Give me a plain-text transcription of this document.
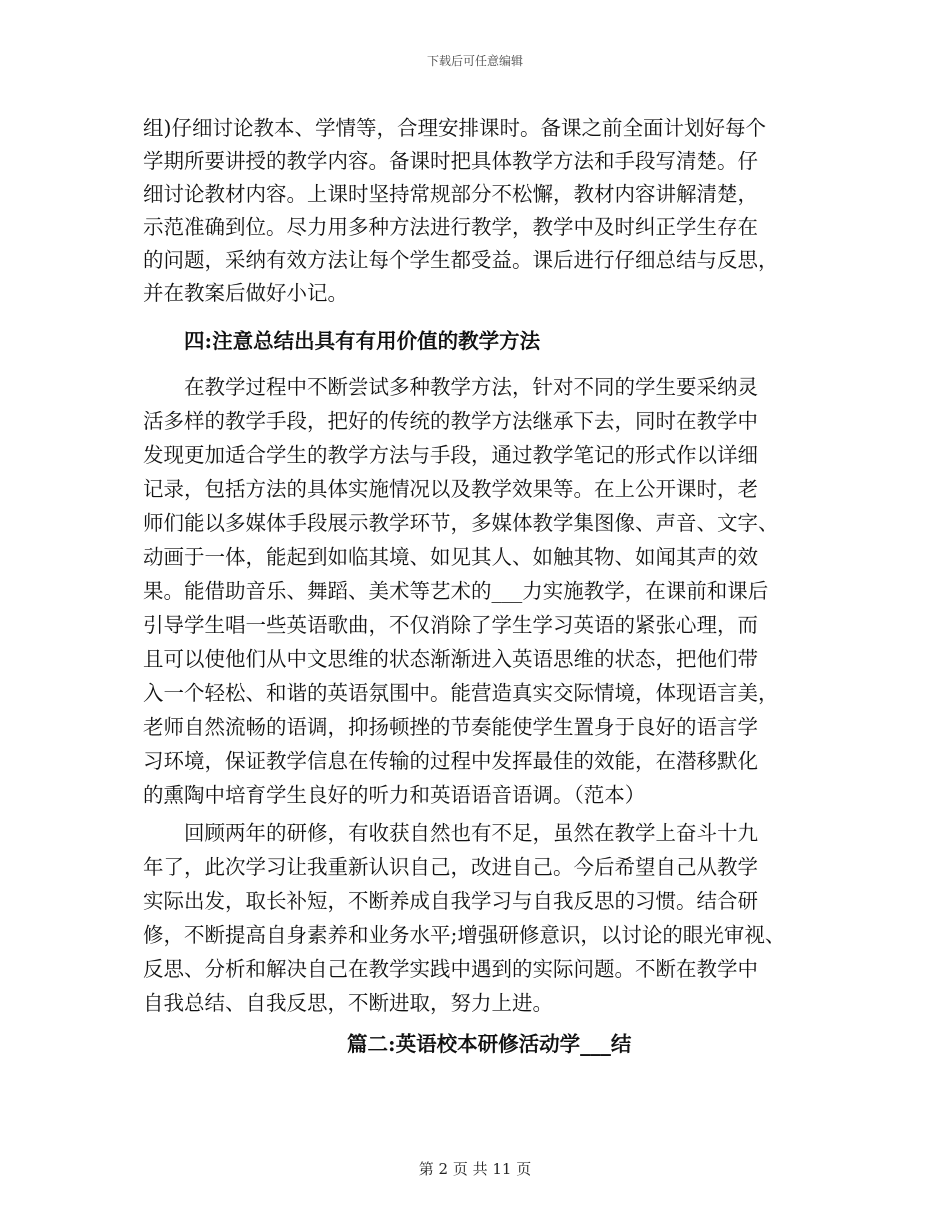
下载后可任意编辑
组)仔细讨论教本、学情等，合理安排课时。备课之前全面计划好每个
学期所要讲授的教学内容。备课时把具体教学方法和手段写清楚。仔
细讨论教材内容。上课时坚持常规部分不松懈，教材内容讲解清楚，
示范准确到位。尽力用多种方法进行教学，教学中及时纠正学生存在
的问题，采纳有效方法让每个学生都受益。课后进行仔细总结与反思，
并在教案后做好小记。
四:注意总结出具有有用价值的教学方法
在教学过程中不断尝试多种教学方法，针对不同的学生要采纳灵
活多样的教学手段，把好的传统的教学方法继承下去，同时在教学中
发现更加适合学生的教学方法与手段，通过教学笔记的形式作以详细
记录，包括方法的具体实施情况以及教学效果等。在上公开课时，老
师们能以多媒体手段展示教学环节，多媒体教学集图像、声音、文字、
动画于一体，能起到如临其境、如见其人、如触其物、如闻其声的效
果。能借助音乐、舞蹈、美术等艺术的___力实施教学，在课前和课后
引导学生唱一些英语歌曲，不仅消除了学生学习英语的紧张心理，而
且可以使他们从中文思维的状态渐渐进入英语思维的状态，把他们带
入一个轻松、和谐的英语氛围中。能营造真实交际情境，体现语言美，
老师自然流畅的语调，抑扬顿挫的节奏能使学生置身于良好的语言学
习环境，保证教学信息在传输的过程中发挥最佳的效能，在潜移默化
的熏陶中培育学生良好的听力和英语语音语调。（范本）
回顾两年的研修，有收获自然也有不足，虽然在教学上奋斗十九
年了，此次学习让我重新认识自己，改进自己。今后希望自己从教学
实际出发，取长补短，不断养成自我学习与自我反思的习惯。结合研
修，不断提高自身素养和业务水平;增强研修意识，以讨论的眼光审视、
反思、分析和解决自己在教学实践中遇到的实际问题。不断在教学中
自我总结、自我反思，不断进取，努力上进。
篇二:英语校本研修活动学___结
第 2 页 共 11 页
